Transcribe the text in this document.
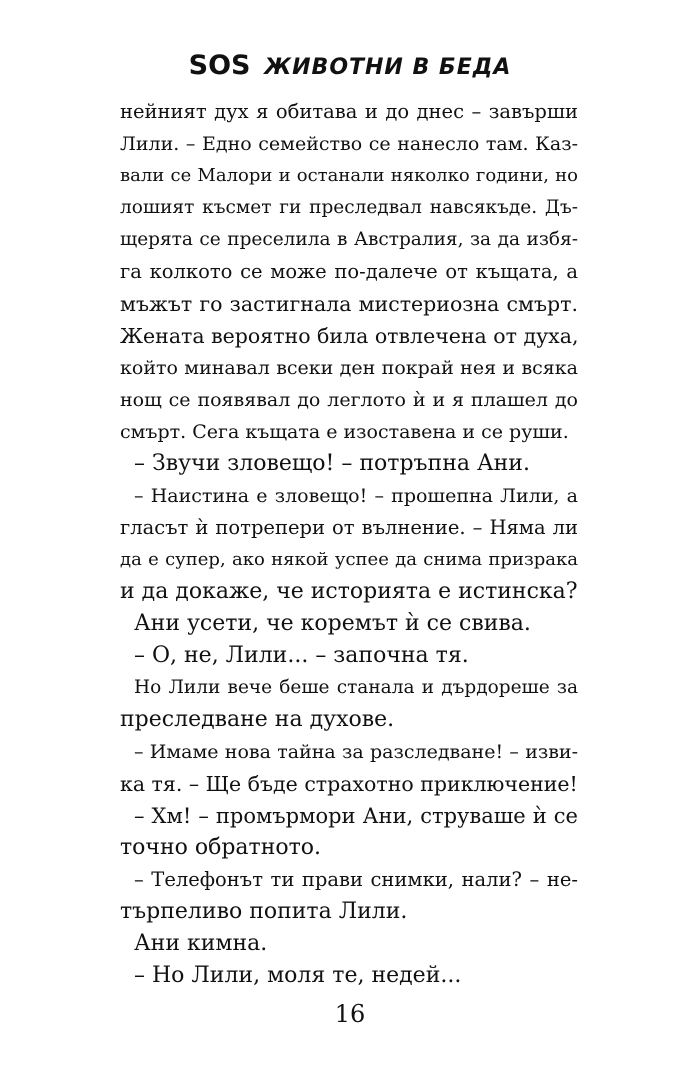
SOS ЖИВОТНИ В БЕДА
нейният дух я обитава и до днес – завърши
Лили. – Едно семейство се нанесло там. Каз-
вали се Малори и останали няколко години, но
лошият късмет ги преследвал навсякъде. Дъ-
щерята се преселила в Австралия, за да избя-
га колкото се може по-далече от къщата, а
мъжът го застигнала мистериозна смърт.
Жената вероятно била отвлечена от духа,
който минавал всеки ден покрай нея и всяка
нощ се появявал до леглото ѝ и я плашел до
смърт. Сега къщата е изоставена и се руши.
– Звучи зловещо! – потръпна Ани.
– Наистина е зловещо! – прошепна Лили, а
гласът ѝ потрепери от вълнение. – Няма ли
да е супер, ако някой успее да снима призрака
и да докаже, че историята е истинска?
Ани усети, че коремът ѝ се свива.
– О, не, Лили... – започна тя.
Но Лили вече беше станала и дърдореше за
преследване на духове.
– Имаме нова тайна за разследване! – изви-
ка тя. – Ще бъде страхотно приключение!
– Хм! – промърмори Ани, струваше ѝ се
точно обратното.
– Телефонът ти прави снимки, нали? – не-
търпеливо попита Лили.
Ани кимна.
– Но Лили, моля те, недей...
16
